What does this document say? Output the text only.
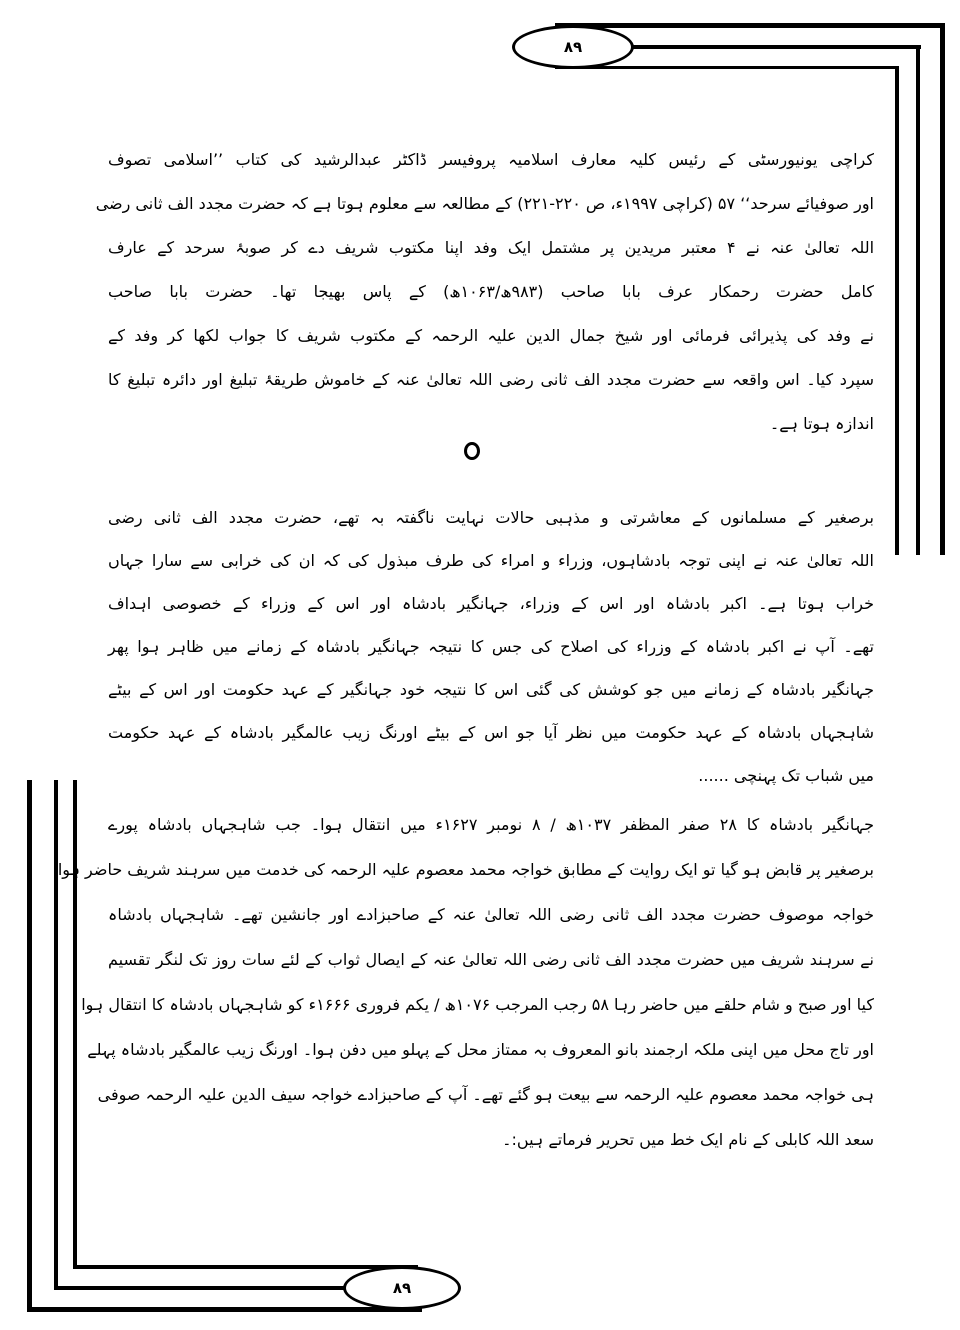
۸۹
۸۹
کراچی یونیورسٹی کے رئیس کلیہ معارف اسلامیہ پروفیسر ڈاکٹر عبدالرشید کی کتاب ’’اسلامی تصوف
اور صوفیائے سرحد‘‘ ۵۷ (کراچی ۱۹۹۷ء، ص ۲۲۰-۲۲۱) کے مطالعہ سے معلوم ہوتا ہے کہ حضرت مجدد الف ثانی رضی
اللہ تعالیٰ عنہ نے ۴ معتبر مریدین پر مشتمل ایک وفد اپنا مکتوب شریف دے کر صوبۂ سرحد کے عارف
کامل حضرت رحمکار عرف بابا صاحب (۹۸۳ھ/۱۰۶۳ھ) کے پاس بھیجا تھا۔ حضرت بابا صاحب
نے وفد کی پذیرائی فرمائی اور شیخ جمال الدین علیہ الرحمہ کے مکتوب شریف کا جواب لکھا کر وفد کے
سپرد کیا۔ اس واقعہ سے حضرت مجدد الف ثانی رضی اللہ تعالیٰ عنہ کے خاموش طریقۂ تبلیغ اور دائرہ تبلیغ کا
اندازہ ہوتا ہے۔
برصغیر کے مسلمانوں کے معاشرتی و مذہبی حالات نہایت ناگفتہ بہ تھے، حضرت مجدد الف ثانی رضی
اللہ تعالیٰ عنہ نے اپنی توجہ بادشاہوں، وزراء و امراء کی طرف مبذول کی کہ ان کی خرابی سے سارا جہاں
خراب ہوتا ہے۔ اکبر بادشاہ اور اس کے وزراء، جہانگیر بادشاہ اور اس کے وزراء کے خصوصی اہداف
تھے۔ آپ نے اکبر بادشاہ کے وزراء کی اصلاح کی جس کا نتیجہ جہانگیر بادشاہ کے زمانے میں ظاہر ہوا پھر
جہانگیر بادشاہ کے زمانے میں جو کوشش کی گئی اس کا نتیجہ خود جہانگیر کے عہد حکومت اور اس کے بیٹے
شاہجہاں بادشاہ کے عہد حکومت میں نظر آیا جو اس کے بیٹے اورنگ زیب عالمگیر بادشاہ کے عہد حکومت
میں شباب تک پہنچی ......
جہانگیر بادشاہ کا ۲۸ صفر المظفر ۱۰۳۷ھ / ۸ نومبر ۱۶۲۷ء میں انتقال ہوا۔ جب شاہجہاں بادشاہ پورے
برصغیر پر قابض ہو گیا تو ایک روایت کے مطابق خواجہ محمد معصوم علیہ الرحمہ کی خدمت میں سرہند شریف حاضر ہوا،
خواجہ موصوف حضرت مجدد الف ثانی رضی اللہ تعالیٰ عنہ کے صاحبزادے اور جانشین تھے۔ شاہجہاں بادشاہ
نے سرہند شریف میں حضرت مجدد الف ثانی رضی اللہ تعالیٰ عنہ کے ایصال ثواب کے لئے سات روز تک لنگر تقسیم
کیا اور صبح و شام حلقے میں حاضر رہا ۵۸ رجب المرجب ۱۰۷۶ھ / یکم فروری ۱۶۶۶ء کو شاہجہاں بادشاہ کا انتقال ہوا
اور تاج محل میں اپنی ملکہ ارجمند بانو المعروف بہ ممتاز محل کے پہلو میں دفن ہوا۔ اورنگ زیب عالمگیر بادشاہ پہلے
ہی خواجہ محمد معصوم علیہ الرحمہ سے بیعت ہو گئے تھے۔ آپ کے صاحبزادے خواجہ سیف الدین علیہ الرحمہ صوفی
سعد اللہ کابلی کے نام ایک خط میں تحریر فرماتے ہیں:۔
